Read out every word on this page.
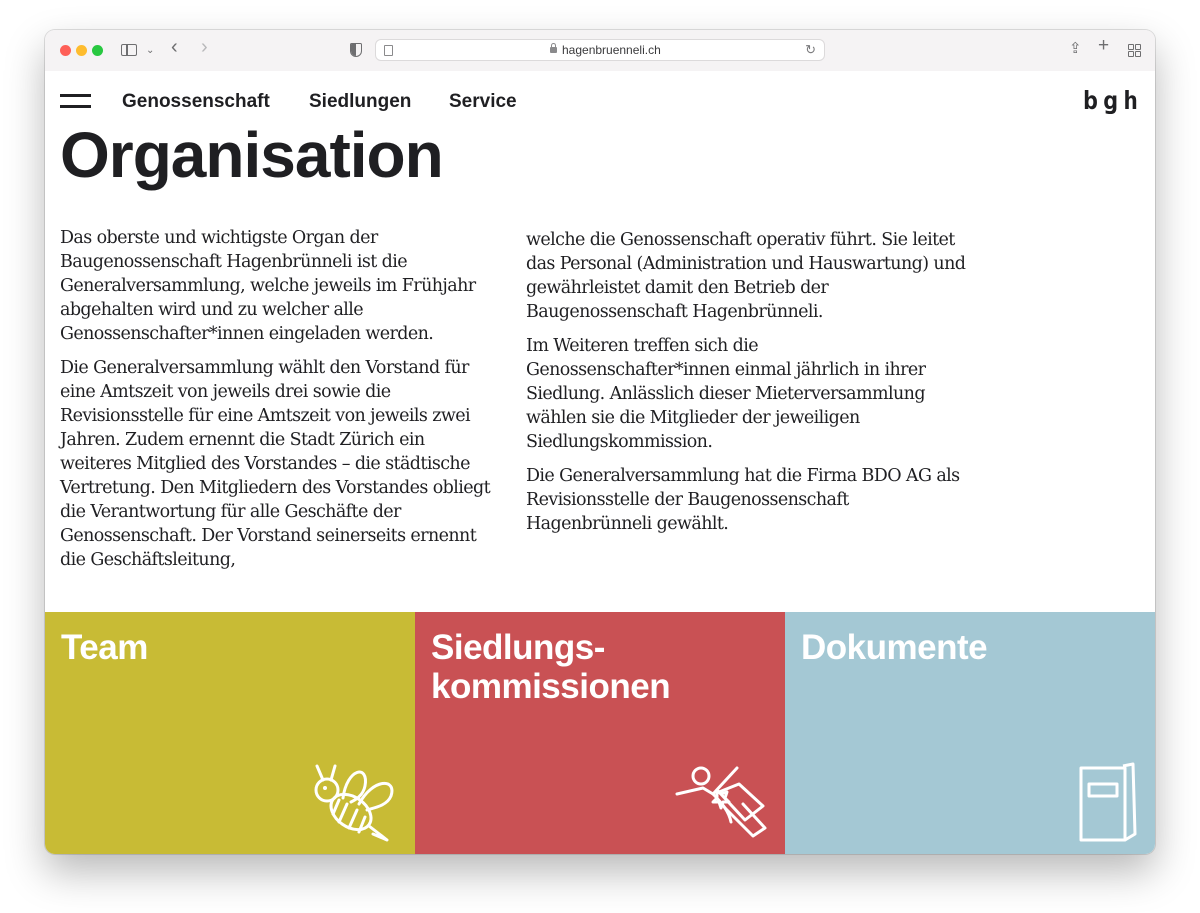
⌄ ‹ ›	hagenbruenneli.ch	↻	⇪ +
Genossenschaft Siedlungen Service	bgh
Organisation

Das oberste und wichtigste Organ der Baugenossenschaft Hagenbrünneli ist die Generalversammlung, welche jeweils im Frühjahr abgehalten wird und zu welcher alle Genossenschafter*innen eingeladen werden.

Die Generalversammlung wählt den Vorstand für eine Amtszeit von jeweils drei sowie die Revisionsstelle für eine Amtszeit von jeweils zwei Jahren. Zudem ernennt die Stadt Zürich ein weiteres Mitglied des Vorstandes – die städtische Vertretung. Den Mitgliedern des Vorstandes obliegt die Verantwortung für alle Geschäfte der Genossenschaft. Der Vorstand seinerseits ernennt die Geschäftsleitung,

welche die Genossenschaft operativ führt. Sie leitet das Personal (Administration und Hauswartung) und gewährleistet damit den Betrieb der Baugenossenschaft Hagenbrünneli.

Im Weiteren treffen sich die Genossenschafter*innen einmal jährlich in ihrer Siedlung. Anlässlich dieser Mieterversammlung wählen sie die Mitglieder der jeweiligen Siedlungskommission.

Die Generalversammlung hat die Firma BDO AG als Revisionsstelle der Baugenossenschaft Hagenbrünneli gewählt.

Team	Siedlungs-
kommissionen
Dokumente
